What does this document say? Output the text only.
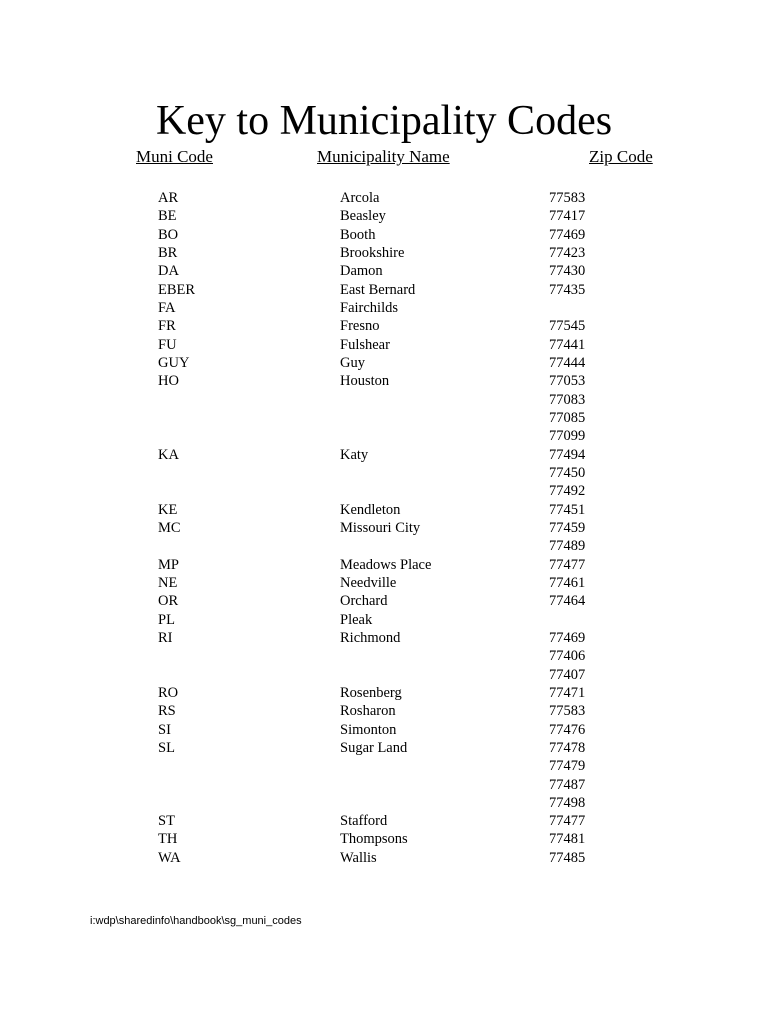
Key to Municipality Codes
Muni Code	Municipality Name	Zip Code
AR	Arcola	77583
BE	Beasley	77417
BO	Booth	77469
BR	Brookshire	77423
DA	Damon	77430
EBER	East Bernard	77435
FA	Fairchilds
FR	Fresno	77545
FU	Fulshear	77441
GUY	Guy	77444
HO	Houston	77053
77083
77085
77099
KA	Katy	77494
77450
77492
KE	Kendleton	77451
MC	Missouri City	77459
77489
MP	Meadows Place	77477
NE	Needville	77461
OR	Orchard	77464
PL	Pleak
RI	Richmond	77469
77406
77407
RO	Rosenberg	77471
RS	Rosharon	77583
SI	Simonton	77476
SL	Sugar Land	77478
77479
77487
77498
ST	Stafford	77477
TH	Thompsons	77481
WA	Wallis	77485
i:wdp\sharedinfo\handbook\sg_muni_codes
